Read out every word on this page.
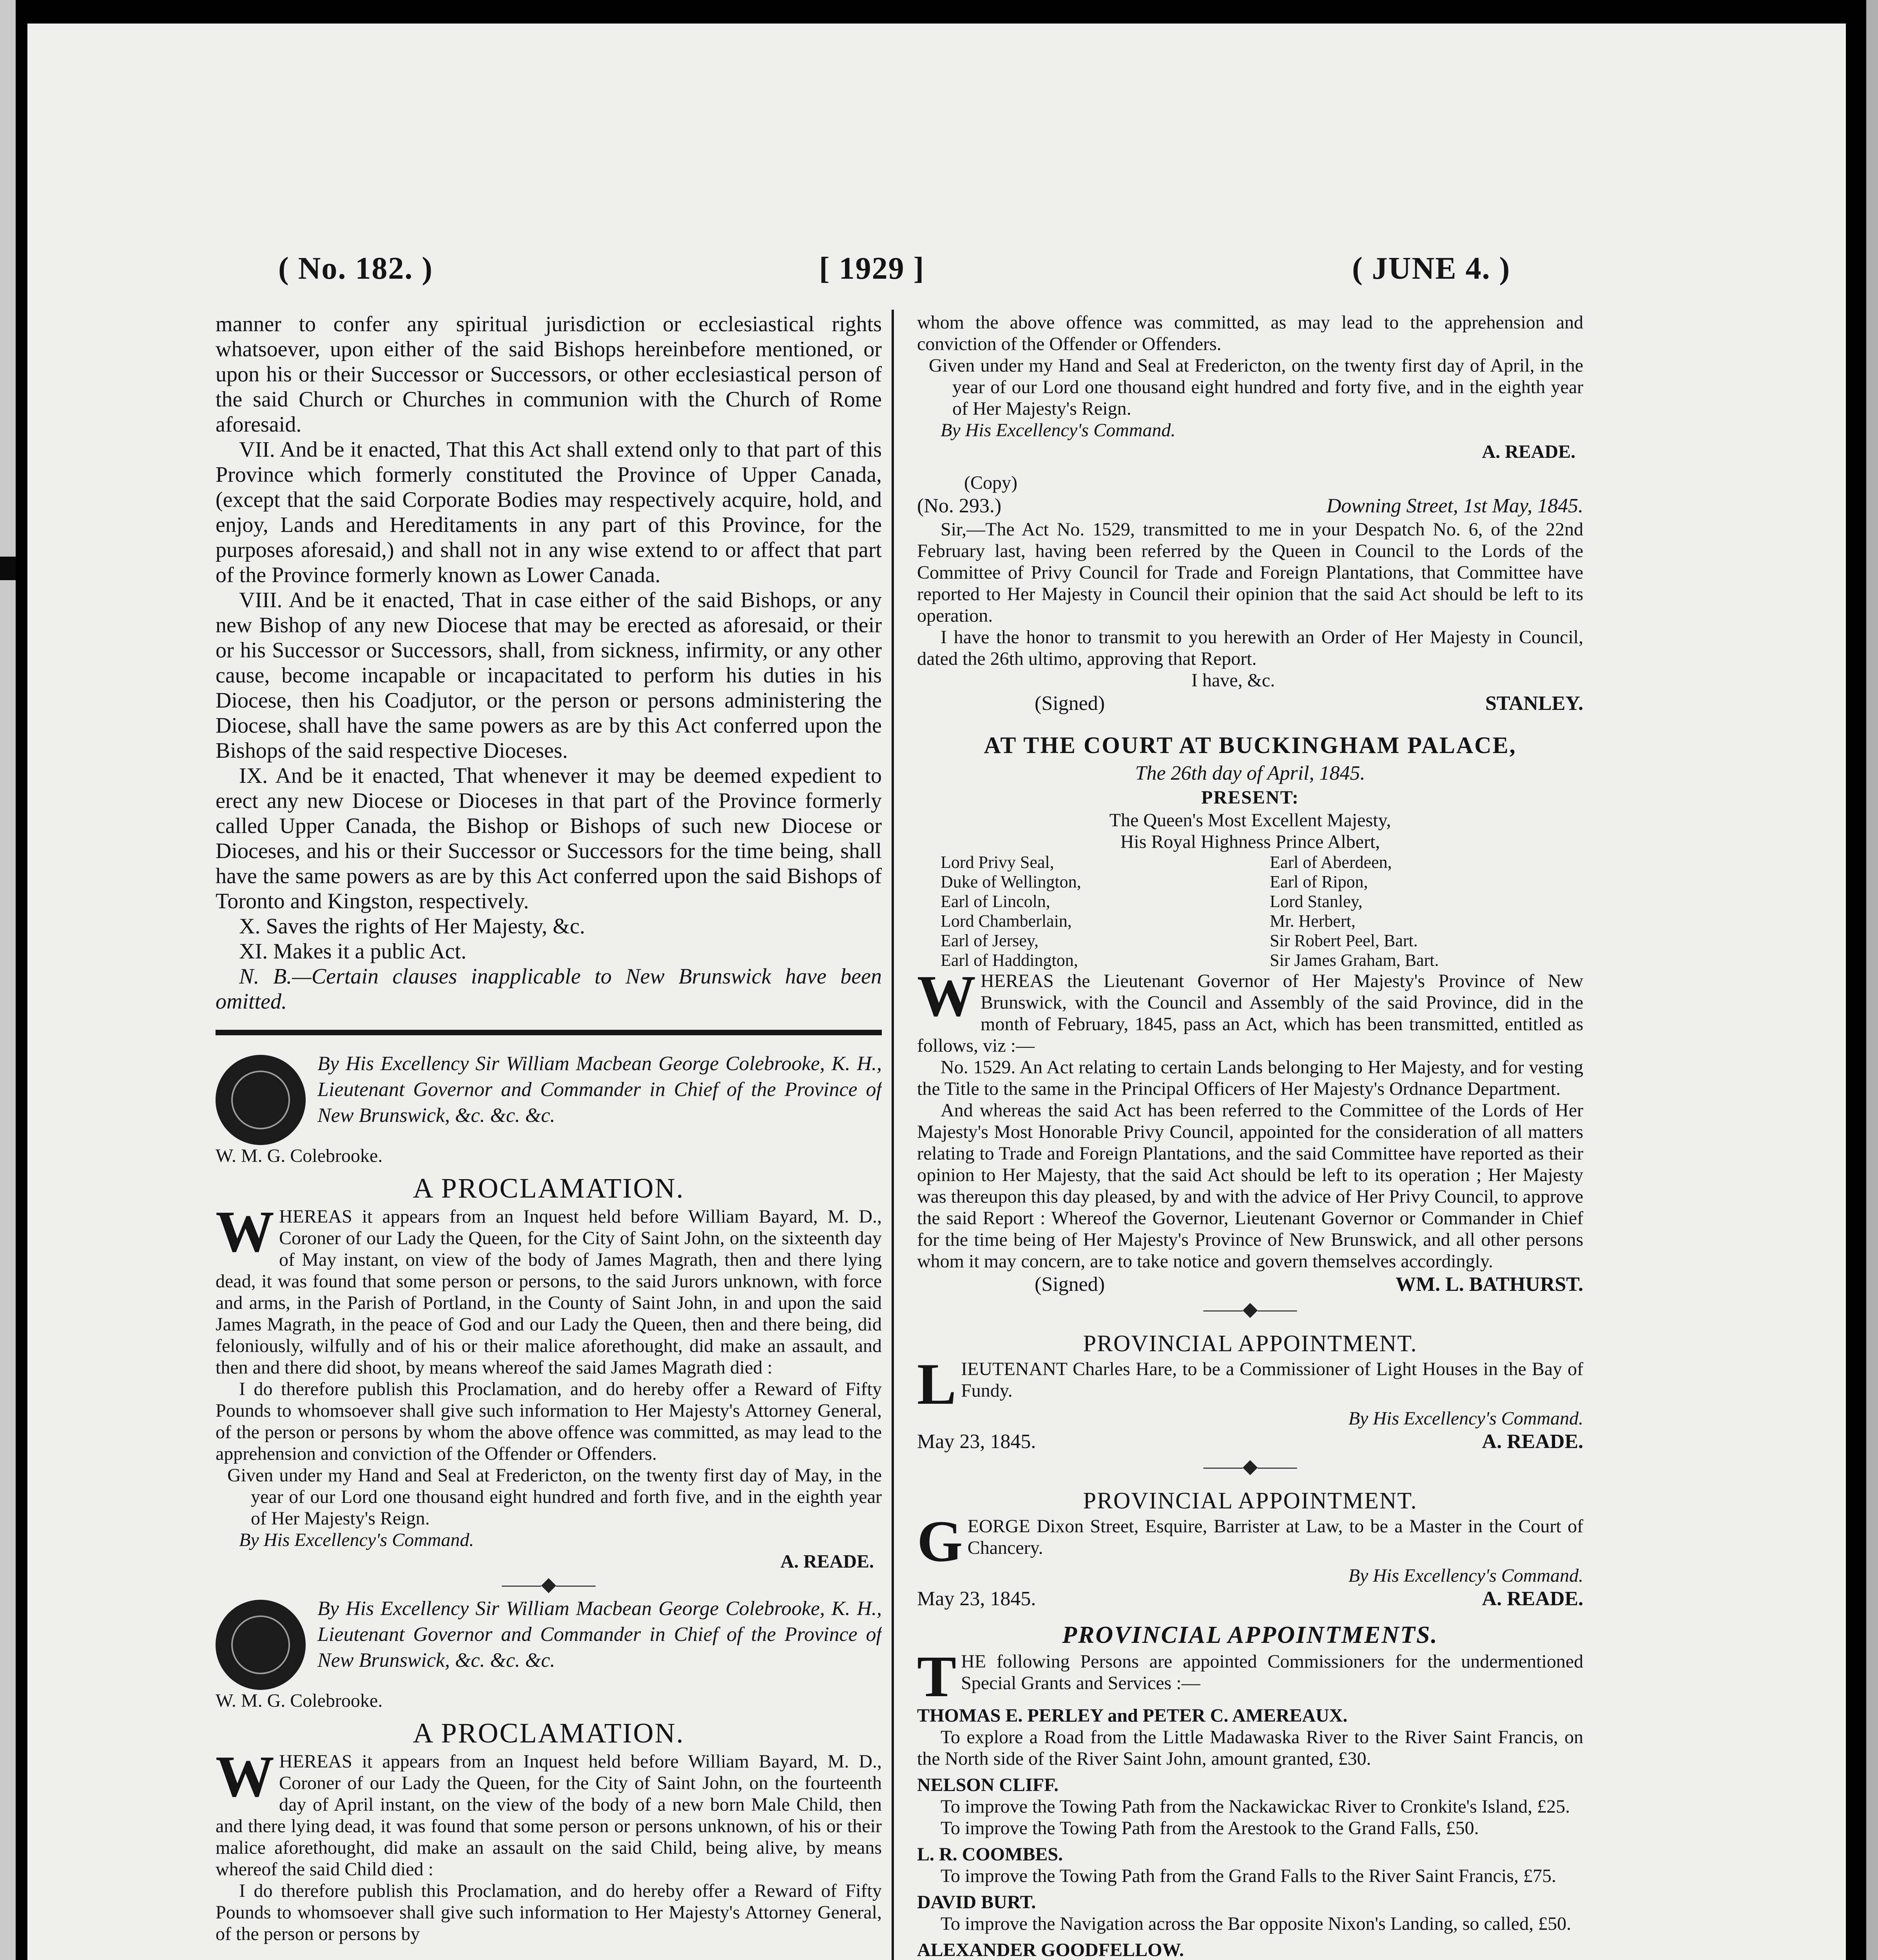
( No. 182. )	[ 1929 ]	( JUNE 4. )

manner to confer any spiritual jurisdiction or ecclesiastical rights whatsoever, upon either of the said Bishops hereinbefore mentioned, or upon his or their Successor or Successors, or other ecclesiastical person of the said Church or Churches in communion with the Church of Rome aforesaid.

VII. And be it enacted, That this Act shall extend only to that part of this Province which formerly constituted the Province of Upper Canada, (except that the said Corporate Bodies may respectively acquire, hold, and enjoy, Lands and Hereditaments in any part of this Province, for the purposes aforesaid,) and shall not in any wise extend to or affect that part of the Province formerly known as Lower Canada.

VIII. And be it enacted, That in case either of the said Bishops, or any new Bishop of any new Diocese that may be erected as aforesaid, or their or his Successor or Successors, shall, from sickness, infirmity, or any other cause, become incapable or incapacitated to perform his duties in his Diocese, then his Coadjutor, or the person or persons administering the Diocese, shall have the same powers as are by this Act conferred upon the Bishops of the said respective Dioceses.

IX. And be it enacted, That whenever it may be deemed expedient to erect any new Diocese or Dioceses in that part of the Province formerly called Upper Canada, the Bishop or Bishops of such new Diocese or Dioceses, and his or their Successor or Successors for the time being, shall have the same powers as are by this Act conferred upon the said Bishops of Toronto and Kingston, respectively.

X. Saves the rights of Her Majesty, &c.

XI. Makes it a public Act.

N. B.—Certain clauses inapplicable to New Brunswick have been omitted.

By His Excellency Sir William Macbean George Colebrooke, K. H., Lieutenant Governor and Commander in Chief of the Province of New Brunswick, &c. &c. &c.

W. M. G. Colebrooke.

A PROCLAMATION.
W HEREAS it appears from an Inquest held before William Bayard, M. D., Coroner of our Lady the Queen, for the City of Saint John, on the sixteenth day of May instant, on view of the body of James Magrath, then and there lying dead, it was found that some person or persons, to the said Jurors unknown, with force and arms, in the Parish of Portland, in the County of Saint John, in and upon the said James Magrath, in the peace of God and our Lady the Queen, then and there being, did feloniously, wilfully and of his or their malice aforethought, did make an assault, and then and there did shoot, by means whereof the said James Magrath died :

I do therefore publish this Proclamation, and do hereby offer a Reward of Fifty Pounds to whomsoever shall give such information to Her Majesty's Attorney General, of the person or persons by whom the above offence was committed, as may lead to the apprehension and conviction of the Offender or Offenders.

Given under my Hand and Seal at Fredericton, on the twenty first day of May, in the year of our Lord one thousand eight hundred and forth five, and in the eighth year of Her Majesty's Reign.

By His Excellency's Command.

A. READE.

——◆——
By His Excellency Sir William Macbean George Colebrooke, K. H., Lieutenant Governor and Commander in Chief of the Province of New Brunswick, &c. &c. &c.

W. M. G. Colebrooke.

A PROCLAMATION.
W HEREAS it appears from an Inquest held before William Bayard, M. D., Coroner of our Lady the Queen, for the City of Saint John, on the fourteenth day of April instant, on the view of the body of a new born Male Child, then and there lying dead, it was found that some person or persons unknown, of his or their malice aforethought, did make an assault on the said Child, being alive, by means whereof the said Child died :

I do therefore publish this Proclamation, and do hereby offer a Reward of Fifty Pounds to whomsoever shall give such information to Her Majesty's Attorney General, of the person or persons by

whom the above offence was committed, as may lead to the apprehension and conviction of the Offender or Offenders.

Given under my Hand and Seal at Fredericton, on the twenty first day of April, in the year of our Lord one thousand eight hundred and forty five, and in the eighth year of Her Majesty's Reign.

By His Excellency's Command.

A. READE.

(Copy)

(No. 293.)	Downing Street, 1st May, 1845.

Sir,—The Act No. 1529, transmitted to me in your Despatch No. 6, of the 22nd February last, having been referred by the Queen in Council to the Lords of the Committee of Privy Council for Trade and Foreign Plantations, that Committee have reported to Her Majesty in Council their opinion that the said Act should be left to its operation.

I have the honor to transmit to you herewith an Order of Her Majesty in Council, dated the 26th ultimo, approving that Report.

I have, &c.

(Signed)	STANLEY.
AT THE COURT AT BUCKINGHAM PALACE,
The 26th day of April, 1845.
PRESENT:

The Queen's Most Excellent Majesty,

His Royal Highness Prince Albert,

Lord Privy Seal,	Earl of Aberdeen,
Duke of Wellington,	Earl of Ripon,
Earl of Lincoln,	Lord Stanley,
Lord Chamberlain,	Mr. Herbert,
Earl of Jersey,	Sir Robert Peel, Bart.
Earl of Haddington,	Sir James Graham, Bart.
W HEREAS the Lieutenant Governor of Her Majesty's Province of New Brunswick, with the Council and Assembly of the said Province, did in the month of February, 1845, pass an Act, which has been transmitted, entitled as follows, viz :—

No. 1529. An Act relating to certain Lands belonging to Her Majesty, and for vesting the Title to the same in the Principal Officers of Her Majesty's Ordnance Department.

And whereas the said Act has been referred to the Committee of the Lords of Her Majesty's Most Honorable Privy Council, appointed for the consideration of all matters relating to Trade and Foreign Plantations, and the said Committee have reported as their opinion to Her Majesty, that the said Act should be left to its operation ; Her Majesty was thereupon this day pleased, by and with the advice of Her Privy Council, to approve the said Report : Whereof the Governor, Lieutenant Governor or Commander in Chief for the time being of Her Majesty's Province of New Brunswick, and all other persons whom it may concern, are to take notice and govern themselves accordingly.

(Signed)	WM. L. BATHURST.
——◆——
PROVINCIAL APPOINTMENT.
L IEUTENANT Charles Hare, to be a Commissioner of Light Houses in the Bay of Fundy.

By His Excellency's Command.

May 23, 1845.	A. READE.
——◆——
PROVINCIAL APPOINTMENT.
G EORGE Dixon Street, Esquire, Barrister at Law, to be a Master in the Court of Chancery.

By His Excellency's Command.

May 23, 1845.	A. READE.
PROVINCIAL APPOINTMENTS.
T HE following Persons are appointed Commissioners for the undermentioned Special Grants and Services :—

THOMAS E. PERLEY and PETER C. AMEREAUX.

To explore a Road from the Little Madawaska River to the River Saint Francis, on the North side of the River Saint John, amount granted, £30.

NELSON CLIFF.

To improve the Towing Path from the Nackawickac River to Cronkite's Island, £25.

To improve the Towing Path from the Arestook to the Grand Falls, £50.

L. R. COOMBES.

To improve the Towing Path from the Grand Falls to the River Saint Francis, £75.

DAVID BURT.

To improve the Navigation across the Bar opposite Nixon's Landing, so called, £50.

ALEXANDER GOODFELLOW.
